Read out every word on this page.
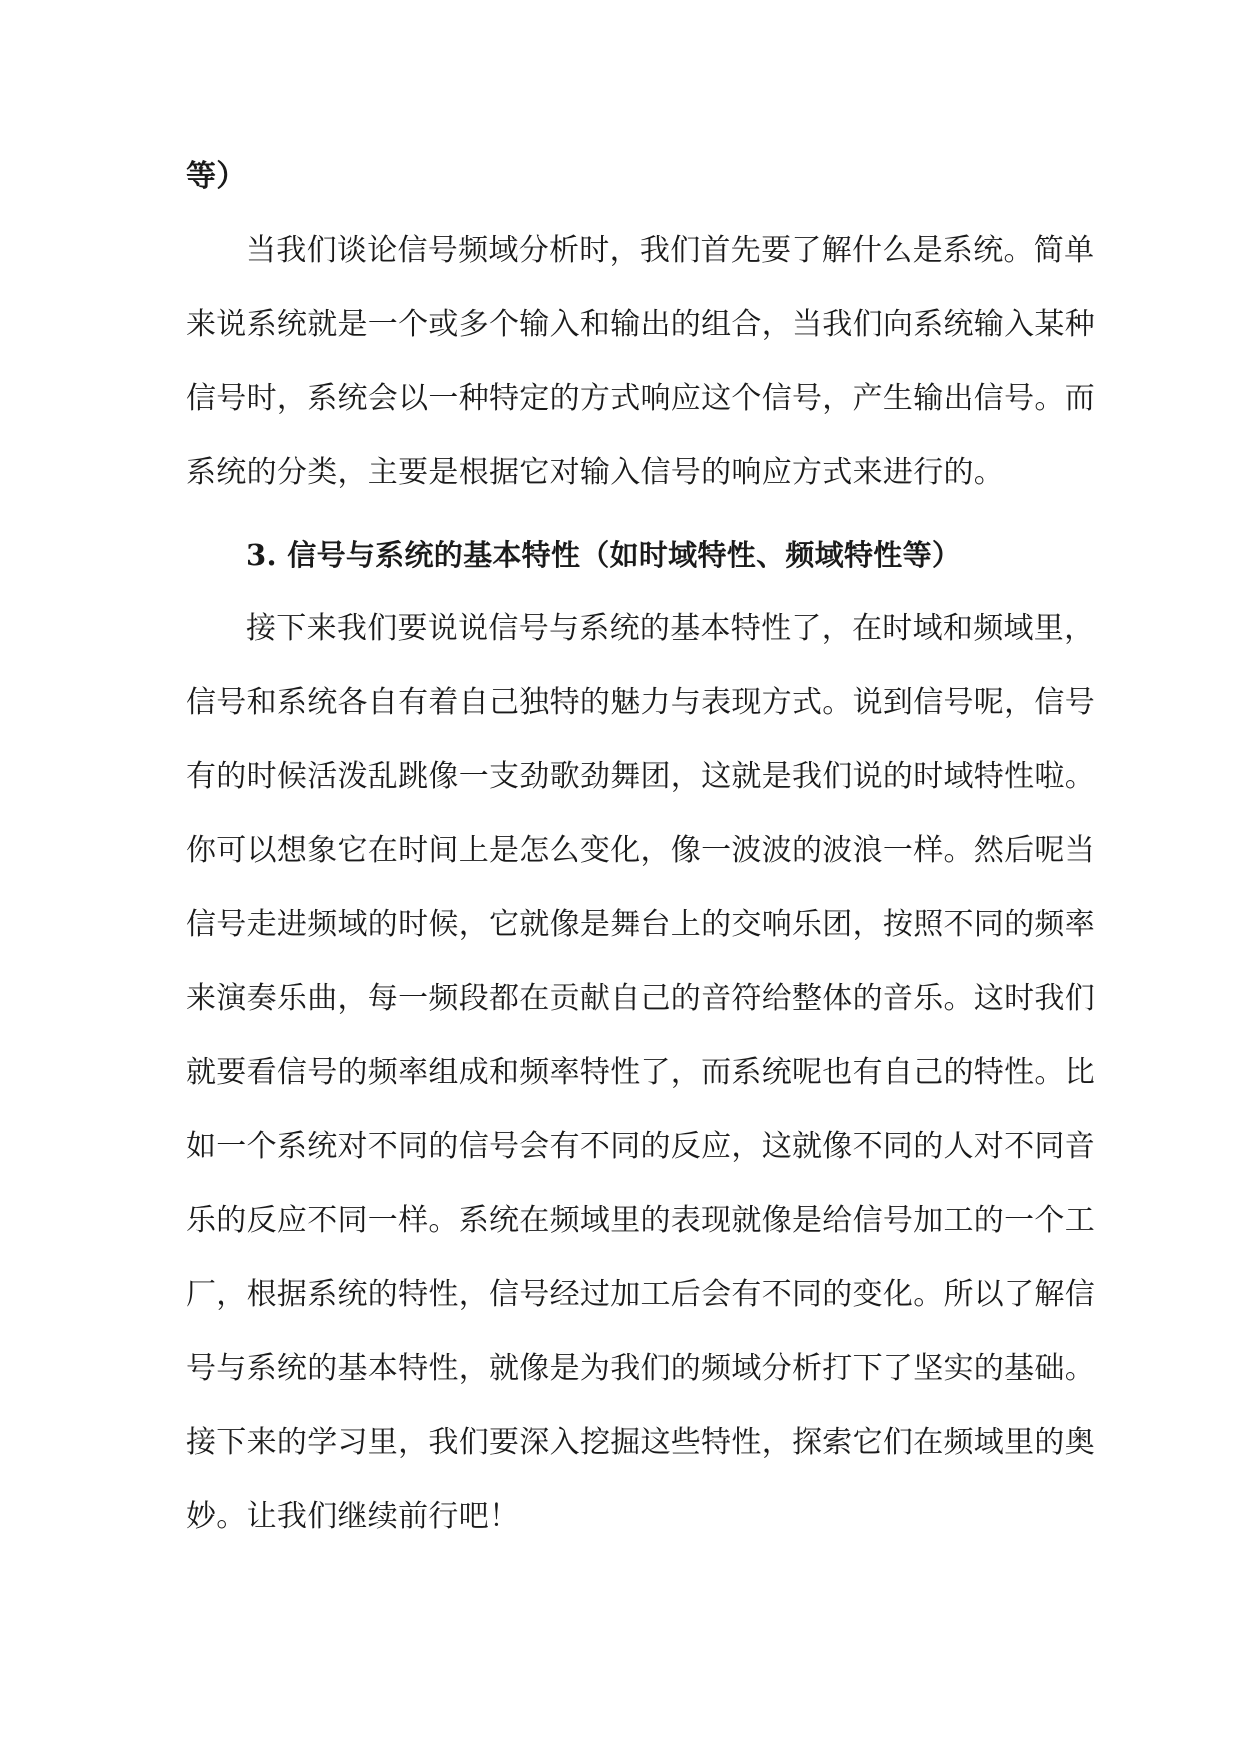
等）
当我们谈论信号频域分析时，我们首先要了解什么是系统。简单
来说系统就是一个或多个输入和输出的组合，当我们向系统输入某种
信号时，系统会以一种特定的方式响应这个信号，产生输出信号。而
系统的分类，主要是根据它对输入信号的响应方式来进行的。
3. 信号与系统的基本特性（如时域特性、频域特性等）
接下来我们要说说信号与系统的基本特性了，在时域和频域里，
信号和系统各自有着自己独特的魅力与表现方式。说到信号呢，信号
有的时候活泼乱跳像一支劲歌劲舞团，这就是我们说的时域特性啦。
你可以想象它在时间上是怎么变化，像一波波的波浪一样。然后呢当
信号走进频域的时候，它就像是舞台上的交响乐团，按照不同的频率
来演奏乐曲，每一频段都在贡献自己的音符给整体的音乐。这时我们
就要看信号的频率组成和频率特性了，而系统呢也有自己的特性。比
如一个系统对不同的信号会有不同的反应，这就像不同的人对不同音
乐的反应不同一样。系统在频域里的表现就像是给信号加工的一个工
厂，根据系统的特性，信号经过加工后会有不同的变化。所以了解信
号与系统的基本特性，就像是为我们的频域分析打下了坚实的基础。
接下来的学习里，我们要深入挖掘这些特性，探索它们在频域里的奥
妙。让我们继续前行吧！
